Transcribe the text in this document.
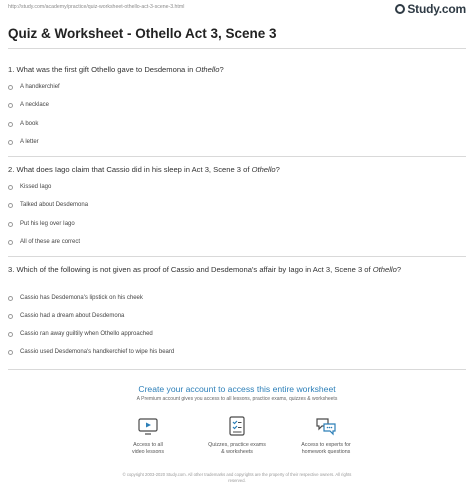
http://study.com/academy/practice/quiz-worksheet-othello-act-3-scene-3.html	Study.com
Quiz & Worksheet - Othello Act 3, Scene 3
1. What was the first gift Othello gave to Desdemona in Othello?
A handkerchief
A necklace
A book
A letter
2. What does Iago claim that Cassio did in his sleep in Act 3, Scene 3 of Othello?
Kissed Iago
Talked about Desdemona
Put his leg over Iago
All of these are correct
3. Which of the following is not given as proof of Cassio and Desdemona's affair by Iago in Act 3, Scene 3 of Othello?
Cassio has Desdemona's lipstick on his cheek
Cassio had a dream about Desdemona
Cassio ran away guiltily when Othello approached
Cassio used Desdemona's handkerchief to wipe his beard
Create your account to access this entire worksheet
A Premium account gives you access to all lessons, practice exams, quizzes & worksheets
Access to all
video lessons
Quizzes, practice exams
& worksheets
Access to experts for
homework questions
© copyright 2003-2020 Study.com. All other trademarks and copyrights are the property of their respective owners. All rights
reserved.
